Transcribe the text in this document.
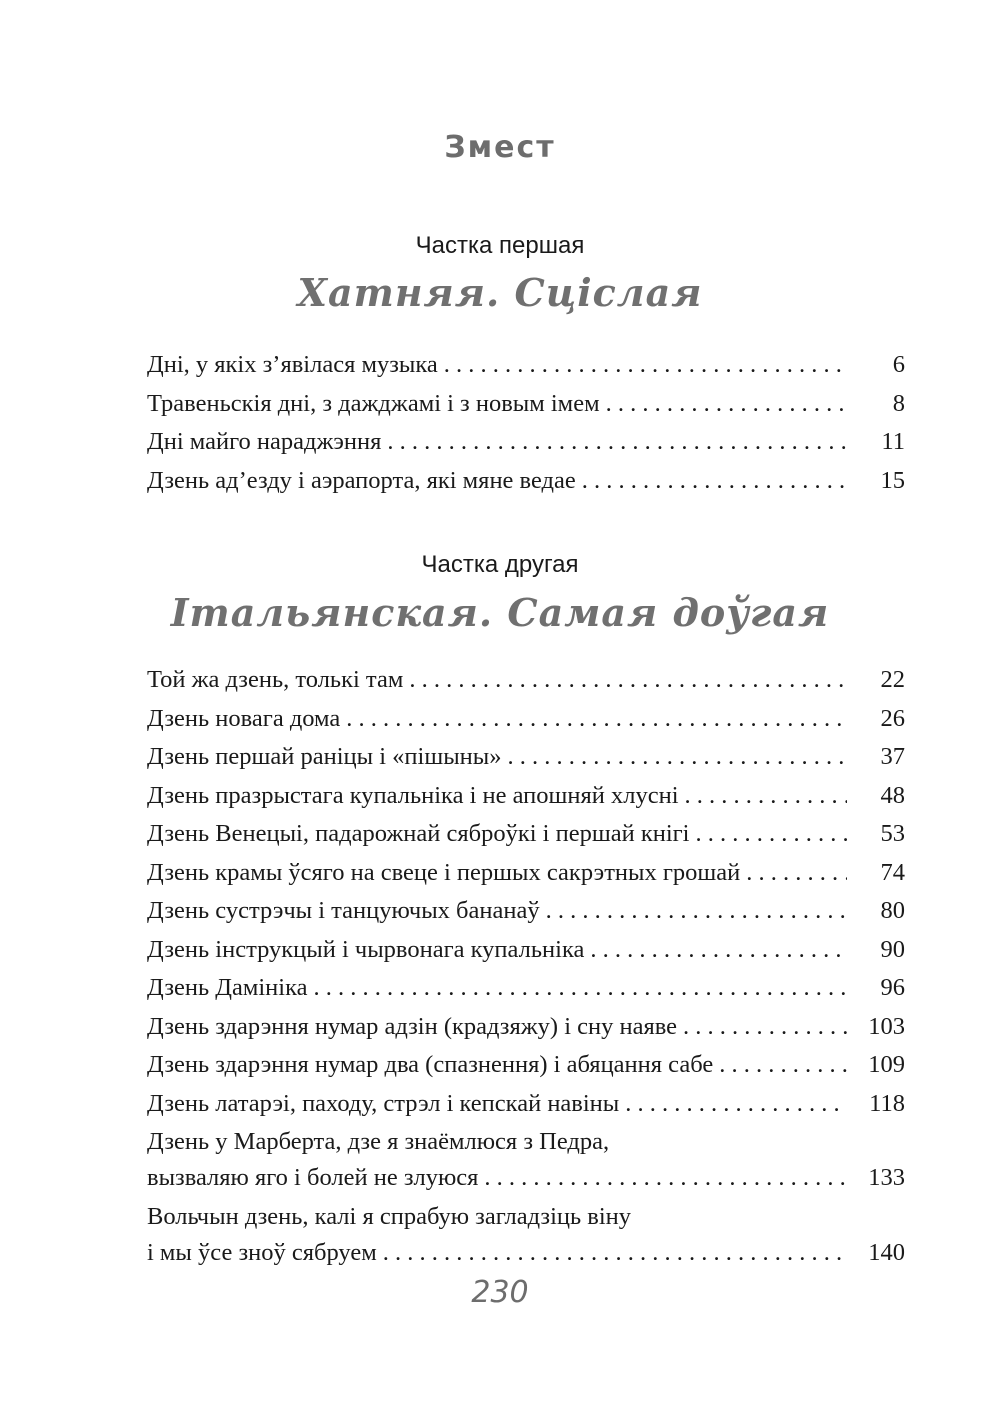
Змест
Частка першая
Хатняя. Сціслая
Дні, у якіх з’явілася музыка . . .	6
Травеньскія дні, з дажджамі і з новым імем . . .	8
Дні майго нараджэння . . .	11
Дзень ад’езду і аэрапорта, які мяне ведае . . .	15
Частка другая
Італьянская. Самая доўгая
Той жа дзень, толькі там . . .	22
Дзень новага дома . . .	26
Дзень першай раніцы і «пішыны» . . .	37
Дзень празрыстага купальніка і не апошняй хлусні . . .	48
Дзень Венецыі, падарожнай сяброўкі і першай кнігі . . .	53
Дзень крамы ўсяго на свеце і першых сакрэтных грошай . . .	74
Дзень сустрэчы і танцуючых бананаў . . .	80
Дзень інструкцый і чырвонага купальніка . . .	90
Дзень Дамініка . . .	96
Дзень здарэння нумар адзін (крадзяжу) і сну наяве . . .	103
Дзень здарэння нумар два (спазнення) і абяцання сабе . . .	109
Дзень латарэі, паходу, стрэл і кепскай навіны . . .	118
Дзень у Марберта, дзе я знаёмлюся з Педра,
вызваляю яго і болей не злуюся . . .	133
Вольчын дзень, калі я спрабую загладзіць віну
і мы ўсе зноў сябруем . . .	140
230
